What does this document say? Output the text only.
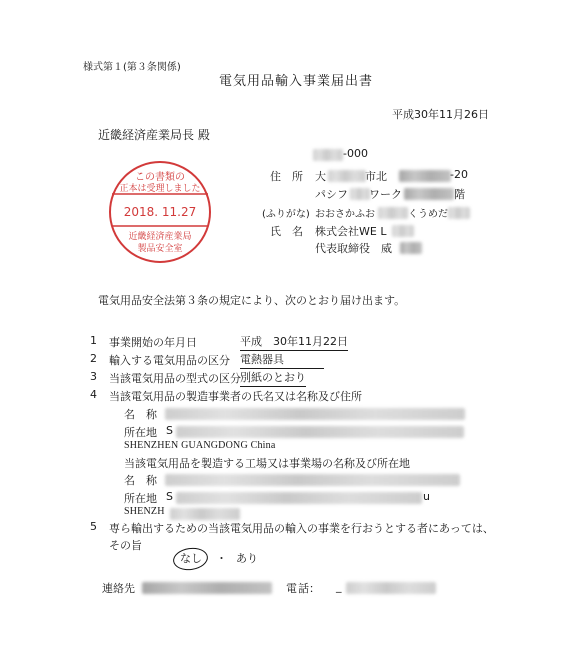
様式第１(第３条関係)
電気用品輸入事業届出書
平成30年11月26日
近畿経済産業局長 殿
この書類の
正本は受理しました
2018. 11.27
近畿経済産業局
製品安全室
-000
住　所 大	市北	-20
パシフ ワーク	階
(ふりがな) おおさかふお	くうめだ
氏　名 株式会社WE L
代表取締役　威
電気用品安全法第３条の規定により、次のとおり届け出ます。
1 事業開始の年月日	平成　30年11月22日
2 輸入する電気用品の区分 電熱器具
3 当該電気用品の型式の区分 別紙のとおり
4 当該電気用品の製造事業者の氏名又は名称及び住所
名　称
所在地 S
SHENZHEN GUANGDONG China
当該電気用品を製造する工場又は事業場の名称及び所在地
名　称
所在地 S	u
SHENZH
5 専ら輸出するための当該電気用品の輸入の事業を行おうとする者にあっては、
その旨
なし ・ あり
連絡先	電 話： _
